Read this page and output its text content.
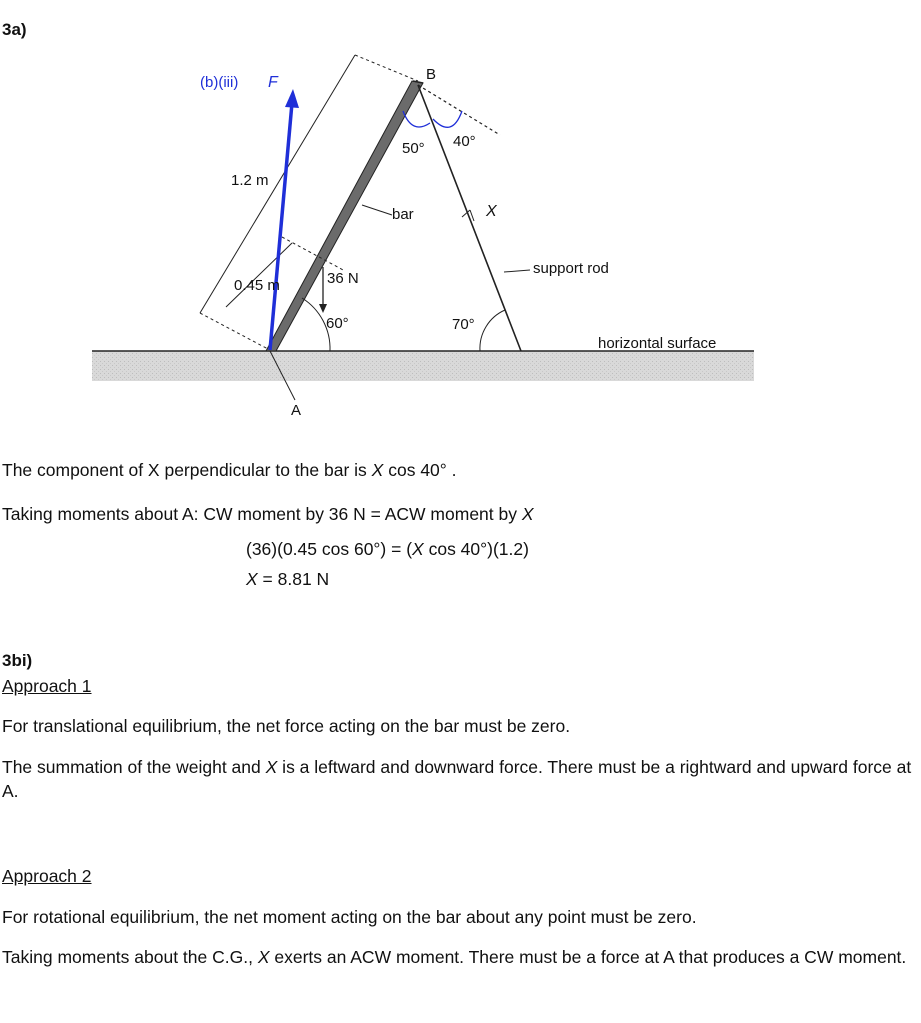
3a)
B
A
(b)(iii) F
1.2 m
0.45 m	36 N
60°
50° 40°
70°
bar	X
support rod
horizontal surface
The component of X perpendicular to the bar is X cos 40° .
Taking moments about A: CW moment by 36 N = ACW moment by X
(36)(0.45 cos 60°) = (X cos 40°)(1.2)
X = 8.81 N
3bi)
Approach 1
For translational equilibrium, the net force acting on the bar must be zero.
The summation of the weight and X is a leftward and downward force. There must be a rightward and upward force at A.
Approach 2
For rotational equilibrium, the net moment acting on the bar about any point must be zero.
Taking moments about the C.G., X exerts an ACW moment. There must be a force at A that produces a CW moment.
